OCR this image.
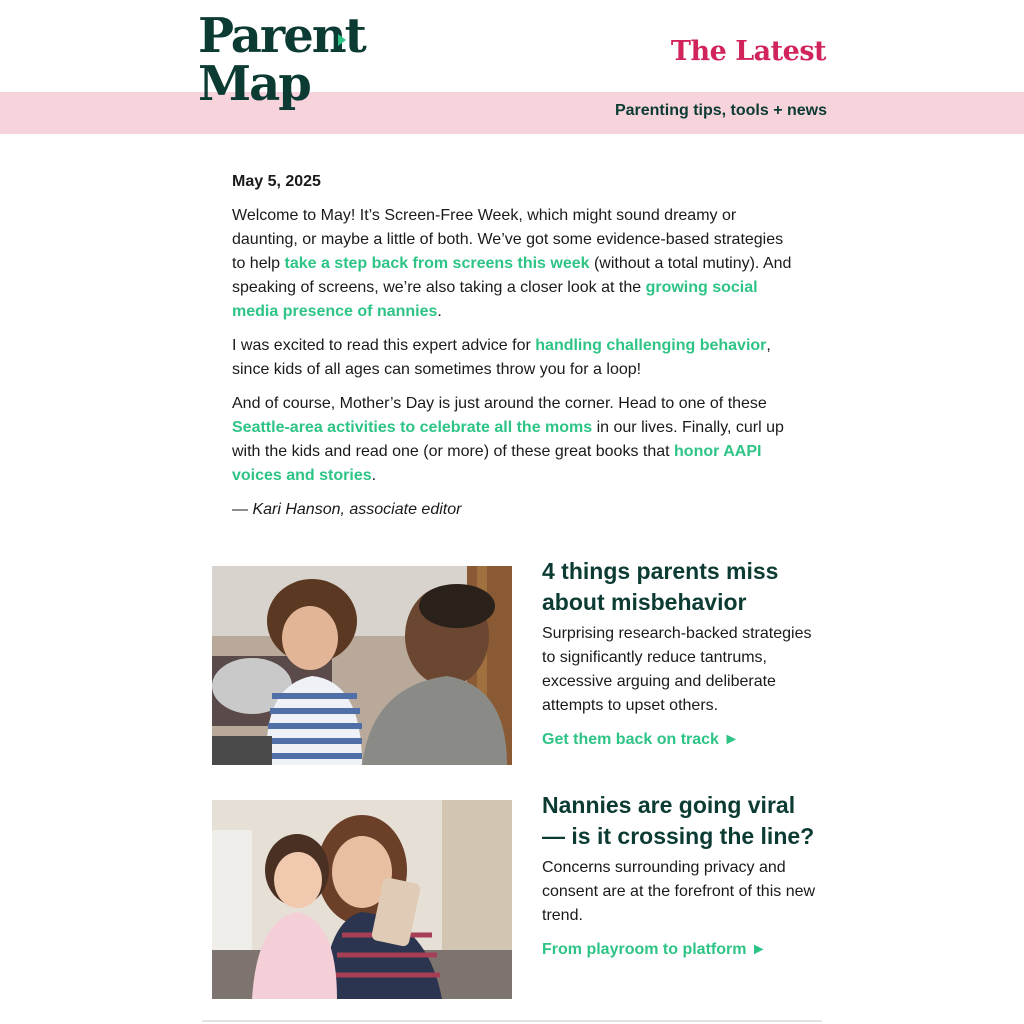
Parent
Map
The Latest
Parenting tips, tools + news
May 5, 2025

Welcome to May! It’s Screen-Free Week, which might sound dreamy or daunting, or maybe a little of both. We’ve got some evidence-based strategies to help take a step back from screens this week (without a total mutiny). And speaking of screens, we’re also taking a closer look at the growing social media presence of nannies.

I was excited to read this expert advice for handling challenging behavior, since kids of all ages can sometimes throw you for a loop!

And of course, Mother’s Day is just around the corner. Head to one of these Seattle-area activities to celebrate all the moms in our lives. Finally, curl up with the kids and read one (or more) of these great books that honor AAPI voices and stories.

— Kari Hanson, associate editor

4 things parents miss about misbehavior
Surprising research-backed strategies to significantly reduce tantrums, excessive arguing and deliberate attempts to upset others.
Get them back on track ►
Nannies are going viral — is it crossing the line?
Concerns surrounding privacy and consent are at the forefront of this new trend.
From playroom to platform ►
